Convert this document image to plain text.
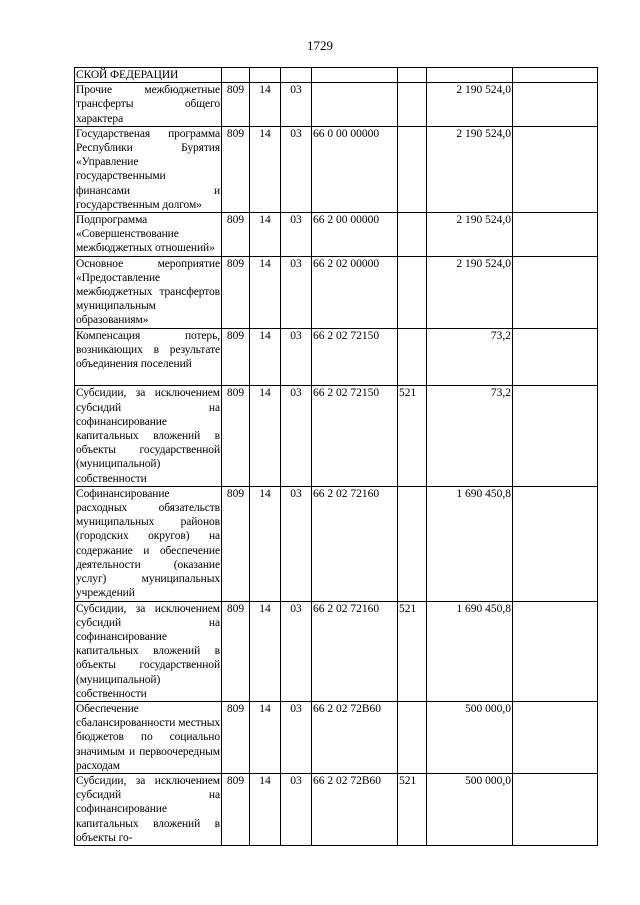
1729
СКОЙ ФЕДЕРАЦИИ							
Прочие межбюджетные трансферты общего характера	809	14	03			2 190 524,0	
Государственая программа Республики Бурятия «Управление государственными финансами и государственным долгом»	809	14	03	66 0 00 00000		2 190 524,0	
Подпрограмма «Совершенствование межбюджетных отношений»	809	14	03	66 2 00 00000		2 190 524,0	
Основное мероприятие «Предоставление межбюджетных трансфертов муниципальным образованиям»	809	14	03	66 2 02 00000		2 190 524,0	
Компенсация потерь, возникающих в результате объединения поселений	809	14	03	66 2 02 72150		73,2	
Субсидии, за исключением субсидий на софинансирование капитальных вложений в объекты государственной (муниципальной) собственности	809	14	03	66 2 02 72150	521	73,2	
Софинансирование расходных обязательств муниципальных районов (городских округов) на содержание и обеспечение деятельности (оказание услуг) муниципальных учреждений	809	14	03	66 2 02 72160		1 690 450,8	
Субсидии, за исключением субсидий на софинансирование капитальных вложений в объекты государственной (муниципальной) собственности	809	14	03	66 2 02 72160	521	1 690 450,8	
Обеспечение сбалансированности местных бюджетов по социально значимым и первоочередным расходам	809	14	03	66 2 02 72В60		500 000,0	
Субсидии, за исключением субсидий на софинансирование капитальных вложений в объекты го-	809	14	03	66 2 02 72В60	521	500 000,0	
